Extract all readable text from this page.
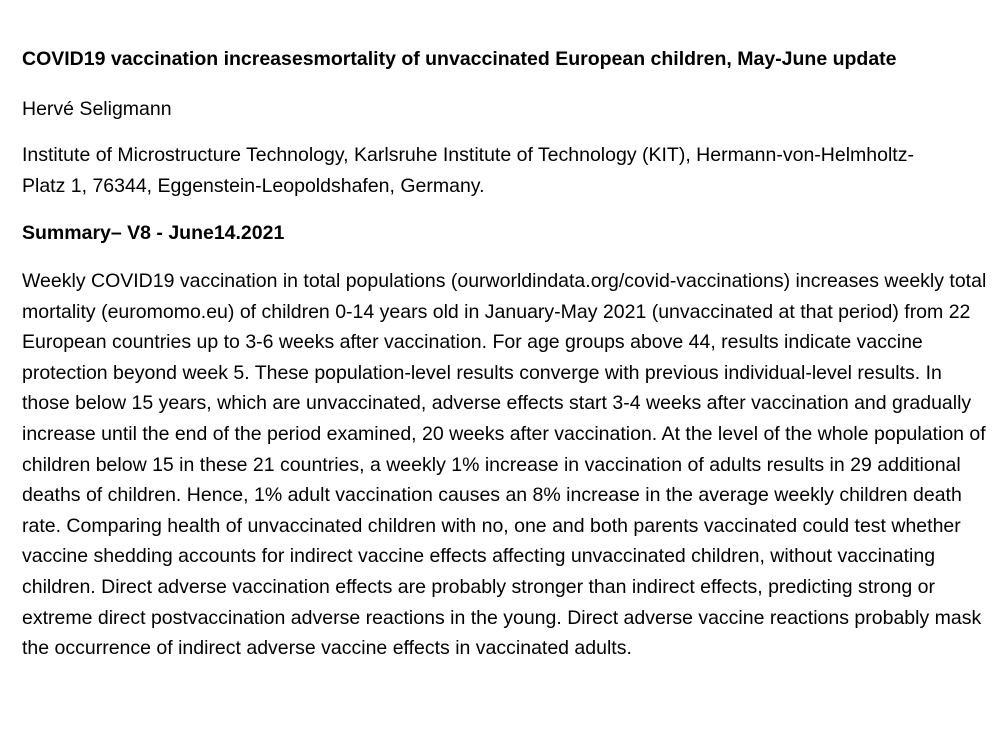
COVID19 vaccination increasesmortality of unvaccinated European children, May-June update

Hervé Seligmann

Institute of Microstructure Technology, Karlsruhe Institute of Technology (KIT), Hermann-von-Helmholtz-Platz 1, 76344, Eggenstein-Leopoldshafen, Germany.

Summary– V8 - June14.2021

Weekly COVID19 vaccination in total populations (ourworldindata.org/covid-vaccinations) increases weekly total mortality (euromomo.eu) of children 0-14 years old in January-May 2021 (unvaccinated at that period) from 22 European countries up to 3-6 weeks after vaccination. For age groups above 44, results indicate vaccine protection beyond week 5. These population-level results converge with previous individual-level results. In those below 15 years, which are unvaccinated, adverse effects start 3-4 weeks after vaccination and gradually increase until the end of the period examined, 20 weeks after vaccination. At the level of the whole population of children below 15 in these 21 countries, a weekly 1% increase in vaccination of adults results in 29 additional deaths of children. Hence, 1% adult vaccination causes an 8% increase in the average weekly children death rate. Comparing health of unvaccinated children with no, one and both parents vaccinated could test whether vaccine shedding accounts for indirect vaccine effects affecting unvaccinated children, without vaccinating children. Direct adverse vaccination effects are probably stronger than indirect effects, predicting strong or extreme direct postvaccination adverse reactions in the young. Direct adverse vaccine reactions probably mask the occurrence of indirect adverse vaccine effects in vaccinated adults.
